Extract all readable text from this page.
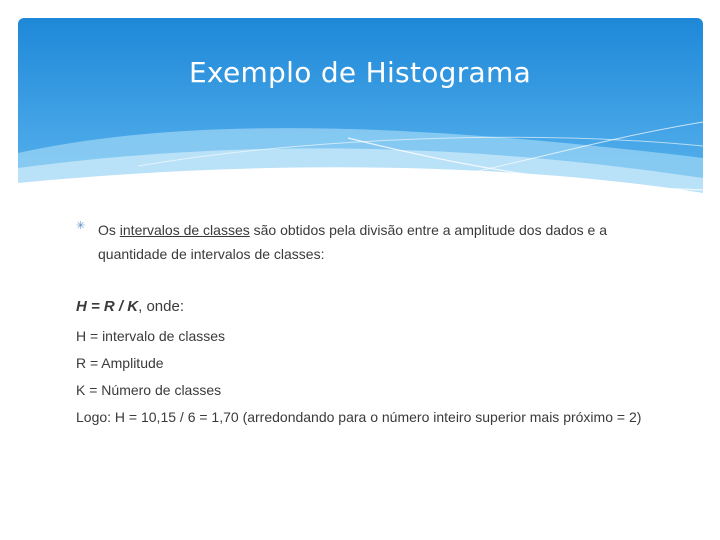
Exemplo de Histograma
✳ Os intervalos de classes são obtidos pela divisão entre a amplitude dos dados e a quantidade de intervalos de classes:
H = R / K, onde:
H = intervalo de classes
R = Amplitude
K = Número de classes
Logo: H = 10,15 / 6 = 1,70 (arredondando para o número inteiro superior mais próximo = 2)
